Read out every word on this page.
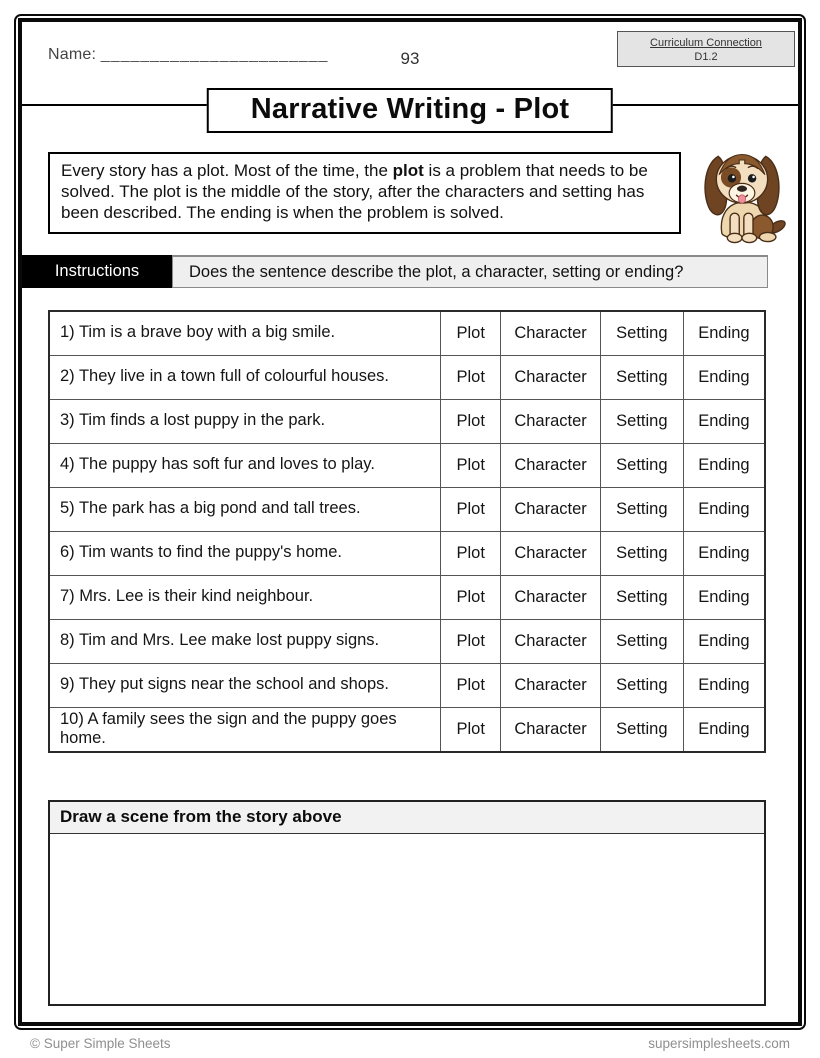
Name: _______________________	93
Curriculum Connection
D1.2
Narrative Writing - Plot
Every story has a plot. Most of the time, the plot is a problem that needs to be solved. The plot is the middle of the story, after the characters and setting has been described. The ending is when the problem is solved.
Instructions	Does the sentence describe the plot, a character, setting or ending?
1) Tim is a brave boy with a big smile.	Plot	Character	Setting	Ending
2) They live in a town full of colourful houses.	Plot	Character	Setting	Ending
3) Tim finds a lost puppy in the park.	Plot	Character	Setting	Ending
4) The puppy has soft fur and loves to play.	Plot	Character	Setting	Ending
5) The park has a big pond and tall trees.	Plot	Character	Setting	Ending
6) Tim wants to find the puppy's home.	Plot	Character	Setting	Ending
7) Mrs. Lee is their kind neighbour.	Plot	Character	Setting	Ending
8) Tim and Mrs. Lee make lost puppy signs.	Plot	Character	Setting	Ending
9) They put signs near the school and shops.	Plot	Character	Setting	Ending
10) A family sees the sign and the puppy goes home.	Plot	Character	Setting	Ending
Draw a scene from the story above
© Super Simple Sheets	supersimplesheets.com
